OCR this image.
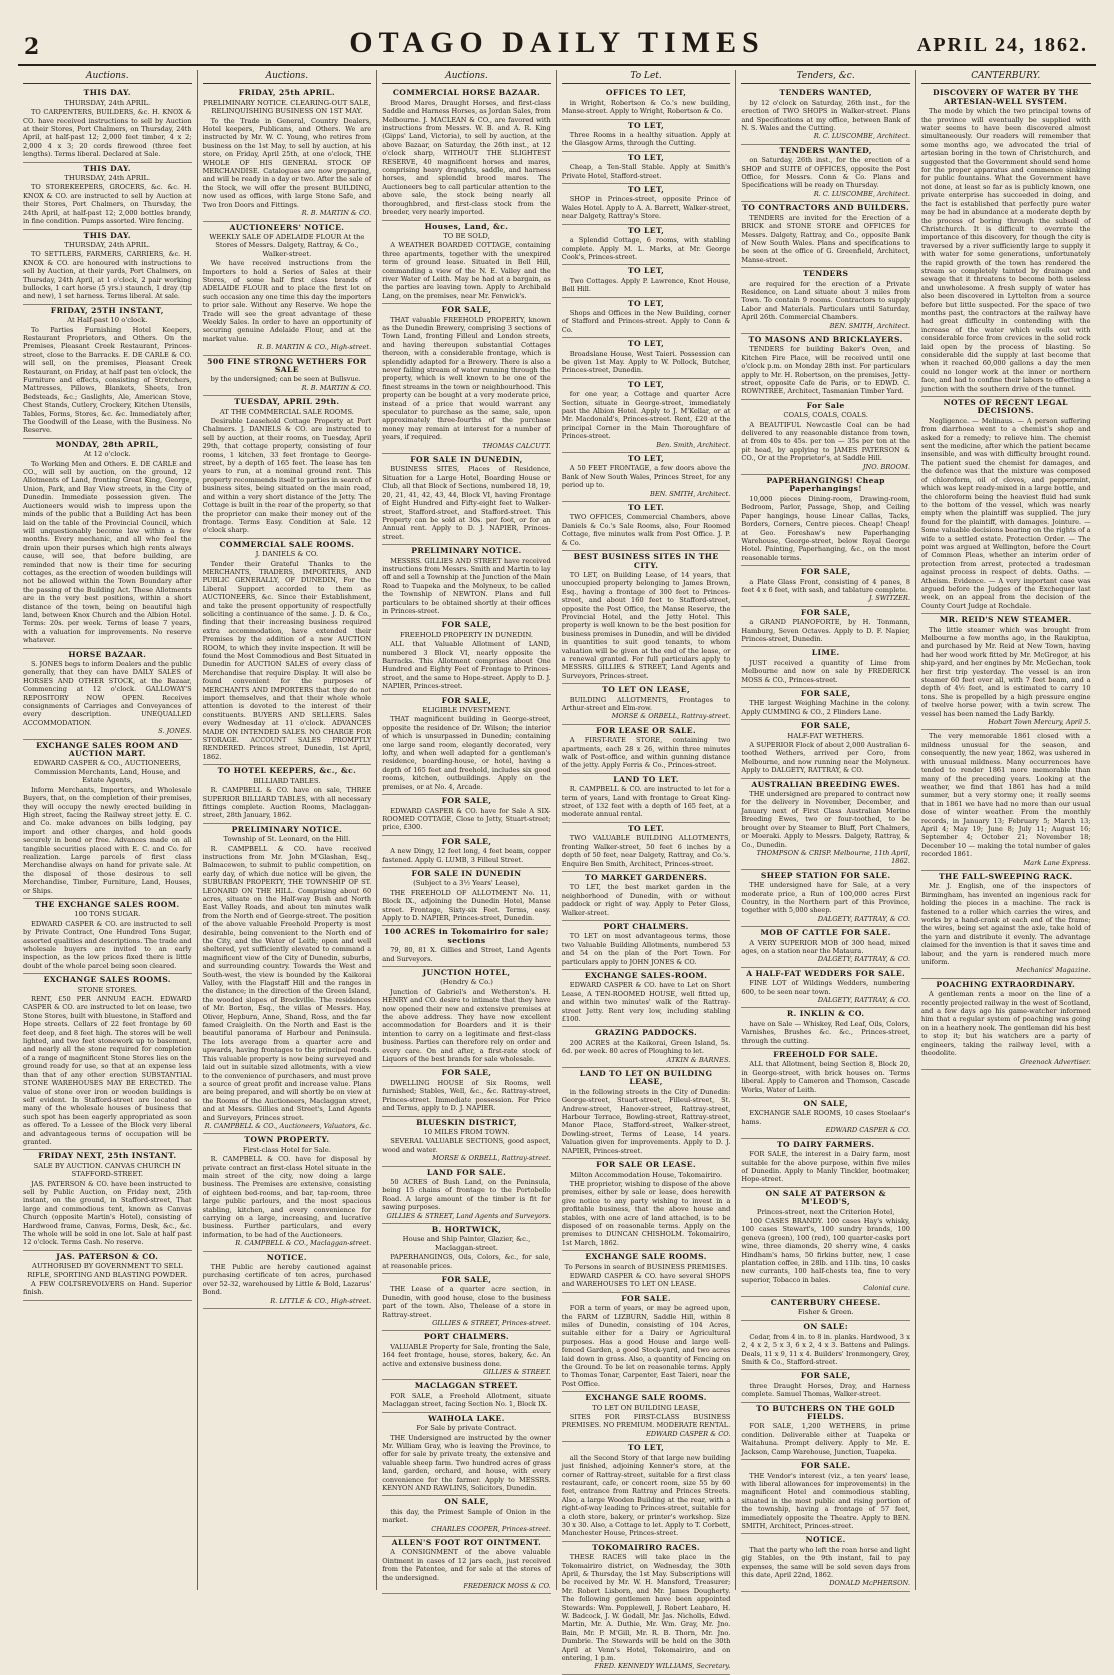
2	OTAGO DAILY TIMES	APRIL 24, 1862.
Auctions.
THIS DAY.
THURSDAY, 24th APRIL.
TO CARPENTERS, BUILDERS, &c. H. KNOX & CO. have received instructions to sell by Auction at their Stores, Port Chalmers, on Thursday, 24th April, at half-past 12; 2,000 feet timber, 4 x 2; 2,000 4 x 3; 20 cords firewood (three feet lengths). Terms liberal. Declared at Sale.
THIS DAY.
THURSDAY, 24th APRIL.
TO STOREKEEPERS, GROCERS, &c. &c. H. KNOX & CO. are instructed to sell by Auction at their Stores, Port Chalmers, on Thursday, the 24th April, at half-past 12; 2,000 bottles brandy, in fine condition. Pumps assorted. Wire fencing.
THIS DAY.
THURSDAY, 24th APRIL.
TO SETTLERS, FARMERS, CARRIERS, &c. H. KNOX & CO. are honoured with instructions to sell by Auction, at their yards, Port Chalmers, on Thursday, 24th April, at 1 o'clock, 2 pair working bullocks, 1 cart horse (5 yrs.) staunch, 1 dray (tip and new), 1 set harness. Terms liberal. At sale.
FRIDAY, 25TH INSTANT,
At Half-past 10 o'clock.
To Parties Furnishing Hotel Keepers, Restaurant Proprietors, and Others. On the Premises, Pleasant Creek Restaurant, Princes-street, close to the Barracks. E. DE CARLE & CO. will sell, on the premises, Pleasant Creek Restaurant, on Friday, at half past ten o'clock, the Furniture and effects, consisting of Stretchers, Mattresses, Pillows, Blankets, Sheets, Iron Bedsteads, &c.; Gaslights, Ale, American Stove, Chest Stands, Cutlery, Crockery, Kitchen Utensils, Tables, Forms, Stores, &c. &c. Immediately after, The Goodwill of the Lease, with the Business. No Reserve.
MONDAY, 28th APRIL,
At 12 o'clock.
To Working Men and Others. E. DE CARLE and CO., will sell by auction, on the ground, 12 Allotments of Land, fronting Great King, George, Union, Park, and Bay View streets, in the City of Dunedin. Immediate possession given. The Auctioneers would wish to impress upon the minds of the public that a Building Act has been laid on the table of the Provincial Council, which will unquestionably become law within a few months. Every mechanic, and all who feel the drain upon their purses which high rents always cause, will see, that before building, are reminded that now is their time for securing cottages, as the erection of wooden buildings will not be allowed within the Town Boundary after the passing of the Building Act. These Allotments are in the very best positions, within a short distance of the town, being on beautiful high land, between Knox Church and the Albion Hotel. Terms: 20s. per week. Terms of lease 7 years, with a valuation for improvements. No reserve whatever.
HORSE BAZAAR.
S. JONES begs to inform Dealers and the public generally, that they can have DAILY SALES of HORSES AND OTHER STOCK, at the Bazaar, Commencing at 12 o'clock. GALLOWAY'S REPOSITORY NOW OPEN. Receives consignments of Carriages and Conveyances of every description. UNEQUALLED ACCOMMODATION.
S. JONES.
EXCHANGE SALES ROOM AND AUCTION MART.
EDWARD CASPER & CO., AUCTIONEERS, Commission Merchants, Land, House, and Estate Agents,
Inform Merchants, Importers, and Wholesale Buyers, that, on the completion of their premises, they will occupy the newly erected building in High street, facing the Railway street jetty. E. C. and Co. make advances on bills lodging, pay import and other charges, and hold goods securely in bond or free. Advances made on all tangible securities placed with E. C. and Co. for realization. Large parcels of first class Merchandise always on hand for private sale. At the disposal of those desirous to sell Merchandise, Timber, Furniture, Land, Houses, or Ships.
THE EXCHANGE SALES ROOM.
100 TONS SUGAR.
EDWARD CASPER & CO. are instructed to sell by Private Contract, One Hundred Tons Sugar, assorted qualities and descriptions. The trade and wholesale buyers are invited to an early inspection, as the low prices fixed there is little doubt of the whole parcel being soon cleared.
EXCHANGE SALES ROOMS.
STONE STORES.
RENT, £50 PER ANNUM EACH. EDWARD CASPER & CO. are instructed to let on lease, two Stone Stores, built with bluestone, in Stafford and Hope streets. Cellars of 22 feet frontage by 60 feet deep, and 8 feet high. The stores will be well lighted, and two feet stonework up to basement, and nearly all the stone required for completion of a range of magnificent Stone Stores lies on the ground ready for use, so that at an expense less than that of any other erection SUBSTANTIAL STONE WAREHOUSES MAY BE ERECTED. The value of stone over iron or wooden buildings is self evident. In Stafford-street are located so many of the wholesale houses of business that such spot has been eagerly appropriated as soon as offered. To a Lessee of the Block very liberal and advantageous terms of occupation will be granted.
FRIDAY NEXT, 25th INSTANT.
SALE BY AUCTION. CANVAS CHURCH IN STAFFORD-STREET.
JAS. PATERSON & CO. have been instructed to sell by Public Auction, on Friday next, 25th instant, on the ground, in Stafford-street, That large and commodious tent, known as Canvas Church (opposite Martin's Hotel), consisting of Hardwood frame, Canvas, Forms, Desk, &c., &c. The whole will be sold in one lot. Sale at half past 12 o'clock. Terms Cash. No reserve.
JAS. PATERSON & CO.
AUTHORISED BY GOVERNMENT TO SELL RIFLE, SPORTING AND BLASTING POWDER.
A FEW COLTSREVOLVERS on Hand. Superior finish.
Auctions.
FRIDAY, 25th APRIL.
PRELIMINARY NOTICE. CLEARING-OUT SALE, RELINQUISHING BUSINESS ON 1ST MAY.
To the Trade in General, Country Dealers, Hotel keepers, Publicans, and Others. We are instructed by Mr. W. C. Young, who retires from business on the 1st May, to sell by auction, at his store, on Friday, April 25th, at one o'clock, THE WHOLE OF HIS GENERAL STOCK OF MERCHANDISE. Catalogues are now preparing, and will be ready in a day or two. After the sale of the Stock, we will offer the present BUILDING, now used as offices, with large Stone Safe, and Two Iron Doors and Fittings.
R. B. MARTIN & CO.
AUCTIONEERS' NOTICE.
WEEKLY SALE OF ADELAIDE FLOUR At the Stores of Messrs. Dalgety, Rattray, & Co., Walker-street.
We have received instructions from the Importers to hold a Series of Sales at their Stores, of some half first class brands of ADELAIDE FLOUR and to place the first lot on such occasion any one time this day the importers to prior sale. Without any Reserve. We hope the Trade will see the great advantage of these Weekly Sales. In order to have an opportunity of securing genuine Adelaide Flour, and at the market value.
R. B. MARTIN & CO., High-street.
500 FINE STRONG WETHERS FOR SALE
by the undersigned; can be seen at Bullsvue.
R. B. MARTIN & CO.
TUESDAY, APRIL 29th.
AT THE COMMERCIAL SALE ROOMS.
Desirable Leasehold Cottage Property at Port Chalmers. J. DANIELS & CO. are instructed to sell by auction, at their rooms, on Tuesday, April 29th, that cottage property, consisting of four rooms, 1 kitchen, 33 feet frontage to George-street, by a depth of 165 feet. The lease has ten years to run, at a nominal ground rent. This property recommends itself to parties in search of business sites, being situated on the main road, and within a very short distance of the Jetty. The Cottage is built in the rear of the property, so that the proprietor can make their money out of the frontage. Terms Easy. Condition at Sale. 12 o'clock sharp.
COMMERCIAL SALE ROOMS.
J. DANIELS & CO.
Tender their Grateful Thanks to the MERCHANTS, TRADERS, IMPORTERS, AND PUBLIC GENERALLY, OF DUNEDIN, For the Liberal Support accorded to them as AUCTIONEERS, &c. Since their Establishment, and take the present opportunity of respectfully soliciting a continuance of the same. J. D. & Co., finding that their increasing business required extra accommodation, have extended their Premises by the addition of a new AUCTION ROOM, to which they invite inspection. It will be found the Most Commodious and Best Situated in Dunedin for AUCTION SALES of every class of Merchandise that require Display. It will also be found convenient for the purposes of MERCHANTS AND IMPORTERS that they do not import themselves, and that their whole whole attention is devoted to the interest of their constituents. BUYERS AND SELLERS. Sales every Wednesday at 11 o'clock. ADVANCES MADE ON INTENDED SALES. NO CHARGE FOR STORAGE. ACCOUNT SALES PROMPTLY RENDERED. Princes street, Dunedin, 1st April, 1862.
TO HOTEL KEEPERS, &c., &c.
BILLIARD TABLES.
R. CAMPBELL & CO. have on sale, THREE SUPERIOR BILLIARD TABLES, with all necessary fittings complete. Auction Rooms, Maclaggan-street, 28th January, 1862.
PRELIMINARY NOTICE.
Township of St. Leonard, on the Hill.
R. CAMPBELL & CO. have received instructions from Mr. John M'Glashan, Esq., Balmacewen, to submit to public competition, on early day, of which due notice will be given, the SUBURBAN PROPERTY, THE TOWNSHIP OF ST. LEONARD ON THE HILL. Comprising about 60 acres, situate on the Half-way Bush and North East Valley Roads, and about ten minutes walk from the North end of George-street. The position of the above valuable Freehold Property is most desirable, being convenient to the North end of the City, and the Water of Leith; open and well sheltered, yet sufficiently elevated to command a magnificent view of the City of Dunedin, suburbs, and surrounding country. Towards the West and South-west, the view is bounded by the Kaikorai Valley, with the Flagstaff Hill and the ranges in the distance; in the direction of the Green Island, the wooded slopes of Brockville. The residences of Mr. Borton, Esq., the villas of Messrs. Hay, Oliver, Hepburn, Anne, Shand, Ross, and the far famed Craigleith. On the North and East is the beautiful panorama of Harbour and Peninsula. The lots average from a quarter acre and upwards, having frontages to the principal roads. This valuable property is now being surveyed and laid out in suitable sized allotments, with a view to the convenience of purchasers, and must prove a source of great profit and increase value. Plans are being prepared, and will shortly be on view at the Rooms of the Auctioneers, Maclaggan street, and at Messrs. Gillies and Street's, Land Agents and Surveyors, Princes street.
R. CAMPBELL & CO., Auctioneers, Valuators, &c.
TOWN PROPERTY.
First-class Hotel for Sale.
R. CAMPBELL & CO. have for disposal by private contract an first-class Hotel situate in the main street of the city, now doing a large business. The Premises are extensive, consisting of eighteen bed-rooms, and bar, tap-room, three large public parlours, and the most spacious stabling, kitchen, and every convenience for carrying on a large, increasing, and lucrative business. Further particulars, and every information, to be had of the Auctioneers.
R. CAMPBELL & CO., Maclaggan-street.
NOTICE.
THE Public are hereby cautioned against purchasing certificate of ten acres, purchased over 52-32, warehoused by Little & Bold, Lazarus' Bond.
R. LITTLE & CO., High-street.
Auctions.
COMMERCIAL HORSE BAZAAR.
Brood Mares, Draught Horses, and first-class Saddle and Harness Horses, as Jordan Sales, from Melbourne. J. MACLEAN & CO., are favored with instructions from Messrs. W. B. and A. R. King (Gipps' Land, Victoria), to sell by auction, at the above Bazaar, on Saturday, the 26th inst., at 12 o'clock sharp, WITHOUT THE SLIGHTEST RESERVE, 40 magnificent horses and mares, comprising heavy draughts, saddle, and harness horses, and splendid brood mares. The Auctioneers beg to call particular attention to the above sale, the stock being nearly all thoroughbred, and first-class stock from the breeder, very nearly imported.
Houses, Land, &c.
TO BE SOLD,
A WEATHER BOARDED COTTAGE, containing three apartments, together with the unexpired term of ground lease. Situated in Bell Hill, commanding a view of the N. E. Valley and the river Water of Leith. May be had at a bargain, as the parties are leaving town. Apply to Archibald Lang, on the premises, near Mr. Fenwick's.
FOR SALE,
THAT valuable FREEHOLD PROPERTY, known as the Dunedin Brewery, comprising 3 sections of Town Land, fronting Filleul and London streets, and having thereupon substantial Cottages thereon, with a considerable frontage, which is splendidly adapted for a Brewery. There is also a never failing stream of water running through the property, which is well known to be one of the finest streams in the town or neighbourhood. This property can be bought at a very moderate price, instead of a price that would warrant any speculator to purchase as the same, sale, upon approximately three-fourths of the purchase money may remain at interest for a number of years, if required.
THOMAS CALCUTT.
FOR SALE IN DUNEDIN,
BUSINESS SITES, Places of Residence, Situation for a Large Hotel, Boarding House or Club, all that Block of Sections, numbered 18, 19, 20, 21, 41, 42, 43, 44, Block VI, having Frontage of Eight Hundred and Fifty-eight feet to Walker-street, Stafford-street, and Stafford-street. This Property can be sold at 30s. per foot, or for an Annual rent. Apply to D. J. NAPIER, Princes-street.
PRELIMINARY NOTICE.
MESSRS. GILLIES AND STREET have received instructions from Messrs. Smith and Martin to lay off and sell a Township at the Junction of the Main Road to Tuapeka and the Molyneux, to be called the Township of NEWTON. Plans and full particulars to be obtained shortly at their offices in Princes-street.
FOR SALE,
FREEHOLD PROPERTY IN DUNEDIN.
ALL that Valuable Allotment of LAND, numbered 3 Block VI, nearly opposite the Barracks. This Allotment comprises about One Hundred and Eighty Feet of Frontage to Princes-street, and the same to Hope-street. Apply to D. J. NAPIER, Princes-street.
FOR SALE,
ELIGIBLE INVESTMENT.
THAT magnificent building in George-street, opposite the residence of Dr. Wilson; the interior of which is unsurpassed in Dunedin; containing one large sand room, elegantly decorated, very lofty, and when well adapted for a gentleman's residence, boarding-house, or hotel, having a depth of 165 feet and freehold, includes six good rooms, kitchen, outbuildings. Apply on the premises, or at No. 4, Arcade.
FOR SALE,
EDWARD CASPER & CO. have for Sale A SIX-ROOMED COTTAGE, Close to Jetty, Stuart-street; price, £300.
FOR SALE,
A new Dingy, 12 feet long, 4 feet beam, copper fastened. Apply G. LUMB, 3 Filleul Street.
FOR SALE IN DUNEDIN
(Subject to a 3½ Years' Lease),
THE FREEHOLD OF ALLOTMENT No. 11, Block IX., adjoining the Dunedin Hotel, Manse street. Frontage, Sixty-six Feet. Terms, easy. Apply to D. NAPIER, Princes-street, Dunedin.
100 ACRES in Tokomairiro for sale; sections
79, 80, 81 X. Gillies and Street, Land Agents and Surveyors.
JUNCTION HOTEL,
(Hendry & Co.)
Junction of Gabriel's and Wetherston's. H. HENRY and CO. desire to intimate that they have now opened their new and extensive premises at the above address. They have now excellent accommodation for Boarders and it is their intention to carry on a legitimate and first-class business. Parties can therefore rely on order and every care. On and after, a first-rate stock of Liquors of the best brands for sale wholesale.
FOR SALE,
DWELLING HOUSE of Six Rooms, well furnished; Stables, Well, &c., &c. Rattray-street, Princes-street. Immediate possession. For Price and Terms, apply to D. J. NAPIER.
BLUESKIN DISTRICT,
10 MILES FROM TOWN.
SEVERAL VALUABLE SECTIONS, good aspect, wood and water.
MORSE & ORBELL, Rattray-street.
LAND FOR SALE.
50 ACRES of Bush Land, on the Peninsula, being 15 chains of frontage to the Portobello Road. A large amount of the timber is fit for sawing purposes.
GILLIES & STREET, Land Agents and Surveyors.
B. HORTWICK,
House and Ship Painter, Glazier, &c., Maclaggan-street.
PAPERHANGINGS, Oils, Colors, &c., for sale, at reasonable prices.
FOR SALE,
THE Lease of a quarter acre section, in Dunedin, with good house, close to the business part of the town. Also, Thelease of a store in Rattray-street.
GILLIES & STREET, Princes-street.
PORT CHALMERS.
VALUABLE Property for Sale, fronting the Sale, 164 feet frontage, house, stores, bakery, &c. An active and extensive business done.
GILLIES & STREET.
MACLAGGAN STREET.
FOR SALE, a Freehold Allotment, situate Maclaggan street, facing Section No. 1, Block IX.
WAIHOLA LAKE.
For Sale by private Contract.
THE Undersigned are instructed by the owner Mr. William Gray, who is leaving the Province, to offer for sale by private treaty, the extensive and valuable sheep farm. Two hundred acres of grass land, garden, orchard, and house, with every convenience for the farmer. Apply to MESSRS. KENYON AND RAWLINS, Solicitors, Dunedin.
ON SALE,
this day, the Primest Sample of Onion in the market.
CHARLES COOPER, Princes-street.
ALLEN'S FOOT ROT OINTMENT.
A CONSIGNMENT of the above valuable Ointment in cases of 12 jars each, just received from the Patentee, and for sale at the stores of the undersigned.
FREDERICK MOSS & CO.
To Let.
OFFICES TO LET,
in Wright, Robertson & Co.'s new building, Manse-street. Apply to Wright, Robertson & Co.
TO LET,
Three Rooms in a healthy situation. Apply at the Glasgow Arms, through the Cutting.
TO LET,
Cheap, a Ten-Stall Stable. Apply at Smith's Private Hotel, Stafford-street.
TO LET,
SHOP in Princes-street, opposite Prince of Wales Hotel. Apply to A. A. Barrett, Walker-street, near Dalgety, Rattray's Store.
TO LET,
a Splendid Cottage, 6 rooms, with stabling complete. Apply M. L. Marks, at Mr. George Cook's, Princes-street.
TO LET,
Two Cottages. Apply P. Lawrence, Knot House, Bell Hill.
TO LET,
Shops and Offices in the New Building, corner of Stafford and Princes-street. Apply to Conn & Co.
TO LET,
Broadslane House, West Taieri. Possession can be given 1st May. Apply to W. Pollock, Butcher, Princes-street, Dunedin.
TO LET,
for one year, a Cottage and quarter Acre Section, situate in George-street, immediately past the Albion Hotel. Apply to J. M'Kellar, or at Mr. Macdonald's, Princes-street. Rent, £20 at the principal Corner in the Main Thoroughfare of Princes-street.
Ben. Smith, Architect.
TO LET,
A 50 FEET FRONTAGE, a few doors above the Bank of New South Wales, Princes Street, for any period up to.
BEN. SMITH, Architect.
TO LET.
TWO OFFICES, Commercial Chambers, above Daniels & Co.'s Sale Rooms, also, Four Roomed Cottage, five minutes walk from Post Office. J. P. & Co.
BEST BUSINESS SITES IN THE CITY.
TO LET, on Building Lease, of 14 years, that unoccupied property belonging to James Brown, Esq., having a frontage of 300 feet to Princes-street, and about 160 feet to Stafford-street, opposite the Post Office, the Manse Reserve, the Provincial Hotel, and the Jetty Hotel. This property is well known to be the best position for business premises in Dunedin, and will be divided in quantities to suit good tenants, to whom valuation will be given at the end of the lease, or a renewal granted. For full particulars apply to MESSRS. GILLIES & STREET, Land Agents and Surveyors, Princes-street.
TO LET ON LEASE,
BUILDING ALLOTMENTS, Frontages to Arthur-street and Elm-row.
MORSE & ORBELL, Rattray-street.
FOR LEASE OR SALE.
A FIRST-RATE STORE, containing two apartments, each 28 x 26, within three minutes walk of Post-office, and within gunning distance of the jetty. Apply Ferris & Co., Princes-street.
LAND TO LET.
R. CAMPBELL & CO. are instructed to let for a term of years, Land with frontage to Great King-street, of 132 feet with a depth of 165 feet, at a moderate annual rental.
TO LET.
TWO VALUABLE BUILDING ALLOTMENTS, fronting Walker-street, 50 feet 6 inches by a depth of 50 feet, near Dalgety, Rattray, and Co.'s. Enquire Ben Smith, Architect, Princes-street.
TO MARKET GARDENERS.
TO LET, the best market garden in the neighborhood of Dunedin, with or without paddock or right of way. Apply to Peter Gloss, Walker-street.
PORT CHALMERS.
TO LET on most advantageous terms, those two Valuable Building Allotments, numbered 53 and 54 on the plan of the Port Town. For particulars apply to JOHN JONES & CO.
EXCHANGE SALES-ROOM.
EDWARD CASPER & CO. have to Let on Short Lease, A TEN-ROOMED HOUSE, well fitted up, and within two minutes' walk of the Rattray-street Jetty. Rent very low, including stabling £100.
GRAZING PADDOCKS.
200 ACRES at the Kaikorai, Green Island, 5s. 6d. per week. 80 acres of Ploughing to let.
ATKIN & BARNES.
LAND TO LET ON BUILDING LEASE,
in the following streets in the City of Dunedin: George-street, Stuart-street, Filleul-street, St. Andrew-street, Hanover-street, Rattray-street, Harbour Terrace, Bowling-street, Rattray-street, Manor Place, Stafford-street, Walker-street, Dowling-street, Terms of Lease, 14 years. Valuation given for improvements. Apply to D. J. NAPIER, Princes-street.
FOR SALE OR LEASE.
Milton Accommodation House, Tokomairiro.
THE proprietor, wishing to dispose of the above premises, either by sale or lease, does herewith give notice to any party wishing to invest in a profitable business, that the above house and stables, with one acre of land attached, is to be disposed of on reasonable terms. Apply on the premises to DUNCAN CHISHOLM. Tokomairiro, 1st March, 1862.
EXCHANGE SALE ROOMS.
To Persons in search of BUSINESS PREMISES.
EDWARD CASPER & CO. have several SHOPS and WAREHOUSES TO LET ON LEASE.
FOR SALE.
FOR a term of years, or may be agreed upon, the FARM of LIZBURN, Saddle Hill, within 8 miles of Dunedin, consisting of 104 Acres, suitable either for a Dairy or Agricultural purposes. Has a good House and large well-fenced Garden, a good Stock-yard, and two acres laid down in grass. Also, a quantity of Fencing on the Ground. To be let on reasonable terms. Apply to Thomas Tonar, Carpenter, East Taieri, near the Post Office.
EXCHANGE SALE ROOMS.
TO LET ON BUILDING LEASE,
SITES FOR FIRST-CLASS BUSINESS PREMISES. NO PREMIUM. MODERATE RENTAL.
EDWARD CASPER & CO.
TO LET,
all the Second Story of that large new building just finished, adjoining Kenner's store, at the corner of Rattray-street, suitable for a first class restaurant, cafe, or concert room, size 55 by 60 feet, entrance from Rattray and Princes Streets. Also, a large Wooden Building at the rear, with a right-of-way leading to Princes-street, suitable for a cloth store, bakery, or printer's workshop. Size 30 x 30. Also, a Cottage to let. Apply to T. Corbett, Manchester House, Princes-street.
TOKOMAIRIRO RACES.
THESE RACES will take place in the Tokomairiro district, on Wednesday, the 30th April, & Thursday, the 1st May. Subscriptions will be received by Mr. W. H. Mansford, Treasurer; Mr. Robert Lisborn, and Mr. James Dougherty. The following gentlemen have been appointed Stewards: Wm. Popplewell, J. Robert Leabaro, H. W. Badcock, J. W. Godall, Mr. Jas. Nicholls, Edwd. Martin, Mr. A. Duthie, Mr. Wm. Gray, Mr. Jno. Bain, Mr. P. M'Gill, Mr. R. B. Thorn, Mr. Jno. Dumbrie. The Stewards will be held on the 30th April at Venn's Hotel, Tokomairiro, and on entering, 1 p.m.
FRED. KENNEDY WILLIAMS, Secretary.
Tenders, &c.
TENDERS WANTED,
by 12 o'clock on Saturday, 26th inst., for the erection of TWO SHOPS in Walker-street. Plans and Specifications at my office, between Bank of N. S. Wales and the Cutting.
R. C. LUSCOMBE, Architect.
TENDERS WANTED,
on Saturday, 26th inst., for the erection of a SHOP and SUITE of OFFICES, opposite the Post Office, for Messrs. Conn & Co. Plans and Specifications will be ready on Thursday.
R. C. LUSCOMBE, Architect.
TO CONTRACTORS AND BUILDERS.
TENDERS are invited for the Erection of a BRICK and STONE STORE and OFFICES for Messrs. Dalgety, Rattray, and Co., opposite Bank of New South Wales. Plans and specifications to be seen at the office of G. Greenfield, Architect, Manse-street.
TENDERS
are required for the erection of a Private Residence, on Land situate about 3 miles from Town. To contain 9 rooms. Contractors to supply Labor and Materials. Particulars until Saturday, April 26th. Commercial Chambers.
BEN. SMITH, Architect.
TO MASONS AND BRICKLAYERS.
TENDERS for building Baker's Oven, and Kitchen Fire Place, will be received until one o'clock p.m. on Monday 28th inst. For particulars apply to Mr. H. Robertson, on the premises, Jetty-street, opposite Cafe de Paris, or to EDWD. C. ROWNTREE, Architect, Tasmanian Timber Yard.
For Sale
COALS, COALS, COALS.
A BEAUTIFUL Newcastle Coal can be had delivered to any reasonable distance from town, at from 40s to 45s. per ton — 35s per ton at the pit head, by applying to JAMES PATERSON & CO., Or at the Proprietor's, at Saddle Hill.
JNO. BROOM.
PAPERHANGINGS! Cheap Paperhangings!
10,000 pieces Dining-room, Drawing-room, Bedroom, Parlor, Passage, Shop, and Ceiling Paper hangings, house Linear Callas, Tacks, Borders, Corners, Centre pieces. Cheap! Cheap! at Geo. Foreshaw's new Paperhanging Warehouse, George-street, below Royal George Hotel. Painting, Paperhanging, &c., on the most reasonable terms.
FOR SALE,
a Plate Glass Front, consisting of 4 panes, 8 feet 4 x 6 feet, with sash, and tablature complete.
J. SWITZER.
FOR SALE,
a GRAND PIANOFORTE, by H. Tonmann, Hamburg, Seven Octaves. Apply to D. F. Napier, Princes-street, Dunedin.
LIME.
JUST received a quantity of Lime from Melbourne and now on sale by FREDERICK MOSS & CO., Princes-street.
FOR SALE,
THE largest Weighing Machine in the colony. Apply CUMMING & CO., 2 Flinders Lane.
FOR SALE,
HALF-FAT WETHERS.
A SUPERIOR Flock of about 2,000 Australian 6-toothed Wethers, arrived per Coro, from Melbourne, and now running near the Molyneux. Apply to DALGETY, RATTRAY, & CO.
AUSTRALIAN BREEDING EWES.
THE undersigned are prepared to contract now for the delivery in November, December, and January next of First Class Australian Merino Breeding Ewes, two or four-toothed, to be brought over by Steamer to Bluff, Port Chalmers, or Moeraki. Apply to Messrs. Dalgety, Rattray, & Co., Dunedin.
THOMPSON & CRISP. Melbourne, 11th April, 1862.
SHEEP STATION FOR SALE.
THE undersigned have for Sale, at a very moderate price, a Run of 100,000 acres First Country, in the Northern part of this Province, together with 5,000 sheep.
DALGETY, RATTRAY, & CO.
MOB OF CATTLE FOR SALE.
A VERY SUPERIOR MOB of 300 head, mixed ages, on a station near the Mataura.
DALGETY, RATTRAY, & CO.
A HALF-FAT WEDDERS FOR SALE.
FINE LOT of Wildings Wedders, numbering 600, to be seen near town.
DALGETY, RATTRAY, & CO.
R. INKLIN & CO.
have on Sale — Whiskey, Red Leaf, Oils, Colors, Varnishes, Brushes &c. &c., Princes-street, through the cutting.
FREEHOLD FOR SALE.
ALL that Allotment, being Section 8, Block 20, in George-street, with brick houses on. Terms liberal. Apply to Cameron and Thomson, Cascade Works, Water of Leith.
ON SALE,
EXCHANGE SALE ROOMS, 10 cases Stoelaar's hams.
EDWARD CASPER & CO.
TO DAIRY FARMERS.
FOR SALE, the interest in a Dairy farm, most suitable for the above purpose, within five miles of Dunedin. Apply to Manly Tinckler, bootmaker, Hope-street.
ON SALE AT PATERSON & M'LEOD'S,
Princes-street, next the Criterion Hotel,
100 CASES BRANDY. 100 cases Hay's whisky, 100 cases Stewart's, 100 sundry brands, 100 geneva (green), 100 (red), 100 quarter-casks port wine, three diamonds, 20 sherry wine, 4 casks Hindham's hams, 50 firkins butter, new, 1 case plantation coffee, in 28lb. and 11lb. tins, 10 casks new currants, 100 half-chests tea, fine to very superior, Tobacco in bales.
Colonial cure.
CANTERBURY CHEESE.
Fisher & Green.
ON SALE:
Cedar, from 4 in. to 8 in. planks. Hardwood, 3 x 2, 4 x 2, 5 x 3, 6 x 2, 4 x 3. Battens and Palings. Deals, 11 x 9, 11 x 4. Builders' Ironmongery, Grey, Smith & Co., Stafford-street.
FOR SALE,
three Draught Horses, Dray, and Harness complete. Samuel Thomas, Walker-street.
TO BUTCHERS ON THE GOLD FIELDS.
FOR SALE, 1,200 WETHERS, in prime condition. Deliverable either at Tuapeka or Waitahuna. Prompt delivery. Apply to Mr. E. Jackson, Camp Warehouse, Junction, Tuapeka.
FOR SALE.
THE Vendor's interest (viz., a ten years' lease, with liberal allowances for improvements) in the magnificent Hotel and commodious stabling, situated in the most public and rising portion of the township, having a frontage of 57 feet, immediately opposite the Theatre. Apply to BEN. SMITH, Architect, Princes-street.
NOTICE.
That the party who left the roan horse and light gig Stables, on the 9th instant, fail to pay expenses, the same will be sold seven days from this date, April 22nd, 1862.
DONALD McPHERSON.
CANTERBURY.
DISCOVERY OF WATER BY THE ARTESIAN-WELL SYSTEM.
The mode by which the two principal towns of the province will eventually be supplied with water seems to have been discovered almost simultaneously. Our readers will remember that some months ago, we advocated the trial of artesian boring in the town of Christchurch, and suggested that the Government should send home for the proper apparatus and commence sinking for public fountains. What the Government have not done, at least so far as is publicly known, one private enterprise has succeeded in doing, and the fact is established that perfectly pure water may be had in abundance at a moderate depth by the process of boring through the subsoil of Christchurch. It is difficult to overrate the importance of this discovery, for though the city is traversed by a river sufficiently large to supply it with water for some generations, unfortunately the rapid growth of the town has rendered the stream so completely tainted by drainage and sewage that it threatens to become both useless and unwholesome. A fresh supply of water has also been discovered in Lyttelton from a source before but little suspected. For the space of two months past, the contractors at the railway have had great difficulty in contending with the increase of the water which wells out with considerable force from crevices in the solid rock laid open by the process of blasting. So considerable did the supply at last become that when it reached 60,000 gallons a day the men could no longer work at the inner or northern face, and had to confine their labors to effecting a junction with the southern drive of the tunnel.
NOTES OF RECENT LEGAL DECISIONS.
Negligence. — Melinaus. — A person suffering from diarrhoea went to a chemist's shop and asked for a remedy; to relieve him. The chemist sent the medicine, after which the patient became insensible, and was with difficulty brought round. The patient sued the chemist for damages, and the defence was that the mixture was composed of chloroform, oil of cloves, and peppermint, which was kept ready-mixed in a large bottle, and the chloroform being the heaviest fluid had sunk to the bottom of the vessel, which was nearly empty when the plaintiff was supplied. The jury found for the plaintiff, with damages. Jointure. — Some valuable decisions bearing on the rights of a wife to a settled estate. Protection Order. — The point was argued at Wellington, before the Court of Common Pleas, whether an interim order of protection from arrest, protected a tradesman against process in respect of debts. Oaths. — Atheism. Evidence. — A very important case was argued before the Judges of the Exchequer last week, on an appeal from the decision of the County Court Judge at Rochdale.
MR. REID'S NEW STEAMER.
The little steamer which was brought from Melbourne a few months ago, in the Raukiptua, and purchased by Mr. Reid at New Town, having had her wood work fitted by Mr. McGregor, at his ship-yard, and her engines by Mr. McGechan, took her first trip yesterday. The vessel is an iron steamer 60 feet over all, with 7 feet beam, and a depth of 4½ feet, and is estimated to carry 10 tons. She is propelled by a high pressure engine of twelve horse power, with a twin screw. The vessel has been named the Lady Barkly.
Hobart Town Mercury, April 5.
The very memorable 1861 closed with a mildness unusual for the season, and consequently, the new year, 1862, was ushered in with unusual mildness. Many occurrences have tended to render 1861 more memorable than many of the preceding years. Looking at the weather, we find that 1861 has had a mild summer, but a very stormy one; it really seems that in 1861 we have had no more than our usual dose of winter weather. From the monthly records, in January 13; February 5; March 13; April 4; May 19; June 8; July 11; August 16; September 4; October 21; November 18; December 10 — making the total number of gales recorded 1861.
Mark Lane Express.
THE FALL-SWEEPING RACK.
Mr. J. English, one of the inspectors of Birmingham, has invented an ingenious rack for holding the pieces in a machine. The rack is fastened to a roller which carries the wires, and works by a hand-crank at each end of the frame; the wires, being set against the axle, take hold of the yarn and distribute it evenly. The advantage claimed for the invention is that it saves time and labour, and the yarn is rendered much more uniform.
Mechanics' Magazine.
POACHING EXTRAORDINARY.
A gentleman rents a moor on the line of a recently projected railway in the west of Scotland, and a few days ago his game-watcher informed him that a regular system of poaching was going on in a heathery nook. The gentleman did his best to stop it; but his watchers are a party of engineers, taking the railway level, with a theodolite.
Greenock Advertiser.
